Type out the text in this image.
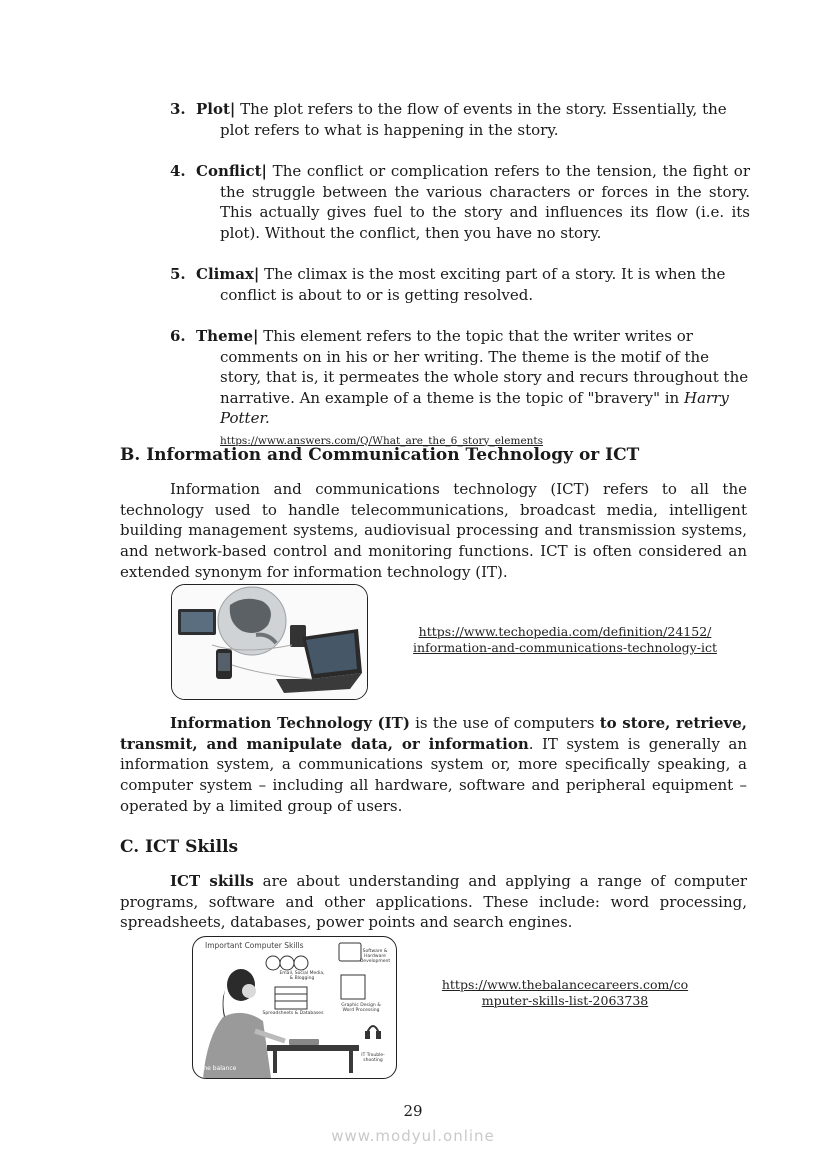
3. Plot| The plot refers to the flow of events in the story. Essentially, the plot refers to what is happening in the story.
4. Conflict| The conflict or complication refers to the tension, the fight or the struggle between the various characters or forces in the story. This actually gives fuel to the story and influences its flow (i.e. its plot). Without the conflict, then you have no story.
5. Climax| The climax is the most exciting part of a story. It is when the conflict is about to or is getting resolved.
6. Theme| This element refers to the topic that the writer writes or comments on in his or her writing. The theme is the motif of the story, that is, it permeates the whole story and recurs throughout the narrative. An example of a theme is the topic of "bravery" in Harry Potter.
https://www.answers.com/Q/What_are_the_6_story_elements
B. Information and Communication Technology or ICT
Information and communications technology (ICT) refers to all the technology used to handle telecommunications, broadcast media, intelligent building management systems, audiovisual processing and transmission systems, and network-based control and monitoring functions. ICT is often considered an extended synonym for information technology (IT).
https://www.techopedia.com/definition/24152/
information-and-communications-technology-ict
Information Technology (IT) is the use of computers to store, retrieve, transmit, and manipulate data, or information. IT system is generally an information system, a communications system or, more specifically speaking, a computer system – including all hardware, software and peripheral equipment – operated by a limited group of users.
C. ICT Skills
ICT skills are about understanding and applying a range of computer programs, software and other applications. These include: word processing, spreadsheets, databases, power points and search engines.
Important Computer Skills
Email, Social Media, & Blogging
Software & Hardware Development
Spreadsheets & Databases
Graphic Design & Word Processing
IT Trouble-shooting
the balance
https://www.thebalancecareers.com/co
mputer-skills-list-2063738
29
www.modyul.online
